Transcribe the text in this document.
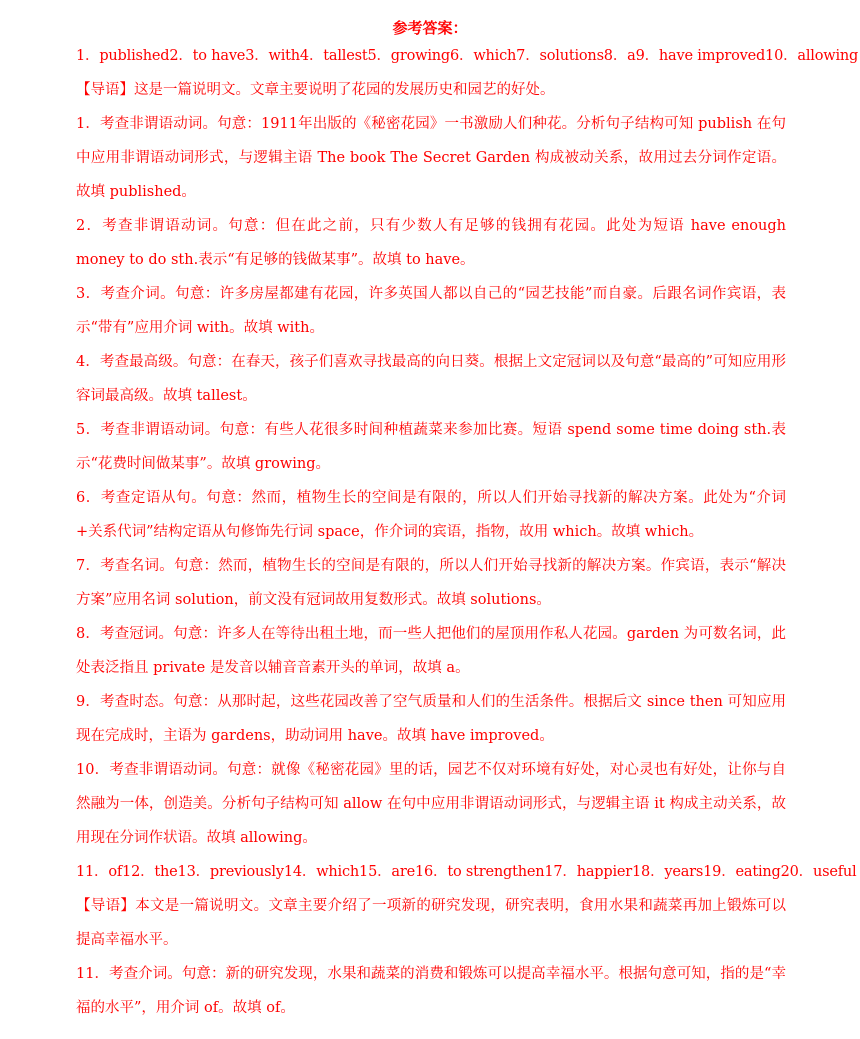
参考答案：

1．published2．to have3．with4．tallest5．growing6．which7．solutions8．a9．have improved10．allowing

【导语】这是一篇说明文。文章主要说明了花园的发展历史和园艺的好处。

1．考查非谓语动词。句意：1911年出版的《秘密花园》一书激励人们种花。分析句子结构可知 publish 在句中应用非谓语动词形式，与逻辑主语 The book The Secret Garden 构成被动关系，故用过去分词作定语。故填 published。

2．考查非谓语动词。句意：但在此之前，只有少数人有足够的钱拥有花园。此处为短语 have enough money to do sth.表示“有足够的钱做某事”。故填 to have。

3．考查介词。句意：许多房屋都建有花园，许多英国人都以自己的“园艺技能”而自豪。后跟名词作宾语，表示“带有”应用介词 with。故填 with。

4．考查最高级。句意：在春天，孩子们喜欢寻找最高的向日葵。根据上文定冠词以及句意“最高的”可知应用形容词最高级。故填 tallest。

5．考查非谓语动词。句意：有些人花很多时间种植蔬菜来参加比赛。短语 spend some time doing sth.表示“花费时间做某事”。故填 growing。

6．考查定语从句。句意：然而，植物生长的空间是有限的，所以人们开始寻找新的解决方案。此处为“介词+关系代词”结构定语从句修饰先行词 space，作介词的宾语，指物，故用 which。故填 which。

7．考查名词。句意：然而，植物生长的空间是有限的，所以人们开始寻找新的解决方案。作宾语，表示“解决方案”应用名词 solution，前文没有冠词故用复数形式。故填 solutions。

8．考查冠词。句意：许多人在等待出租土地，而一些人把他们的屋顶用作私人花园。garden 为可数名词，此处表泛指且 private 是发音以辅音音素开头的单词，故填 a。

9．考查时态。句意：从那时起，这些花园改善了空气质量和人们的生活条件。根据后文 since then 可知应用现在完成时，主语为 gardens，助动词用 have。故填 have improved。

10．考查非谓语动词。句意：就像《秘密花园》里的话，园艺不仅对环境有好处，对心灵也有好处，让你与自然融为一体，创造美。分析句子结构可知 allow 在句中应用非谓语动词形式，与逻辑主语 it 构成主动关系，故用现在分词作状语。故填 allowing。

11．of12．the13．previously14．which15．are16．to strengthen17．happier18．years19．eating20．useful

【导语】本文是一篇说明文。文章主要介绍了一项新的研究发现，研究表明，食用水果和蔬菜再加上锻炼可以提高幸福水平。

11．考查介词。句意：新的研究发现，水果和蔬菜的消费和锻炼可以提高幸福水平。根据句意可知，指的是“幸福的水平”，用介词 of。故填 of。
